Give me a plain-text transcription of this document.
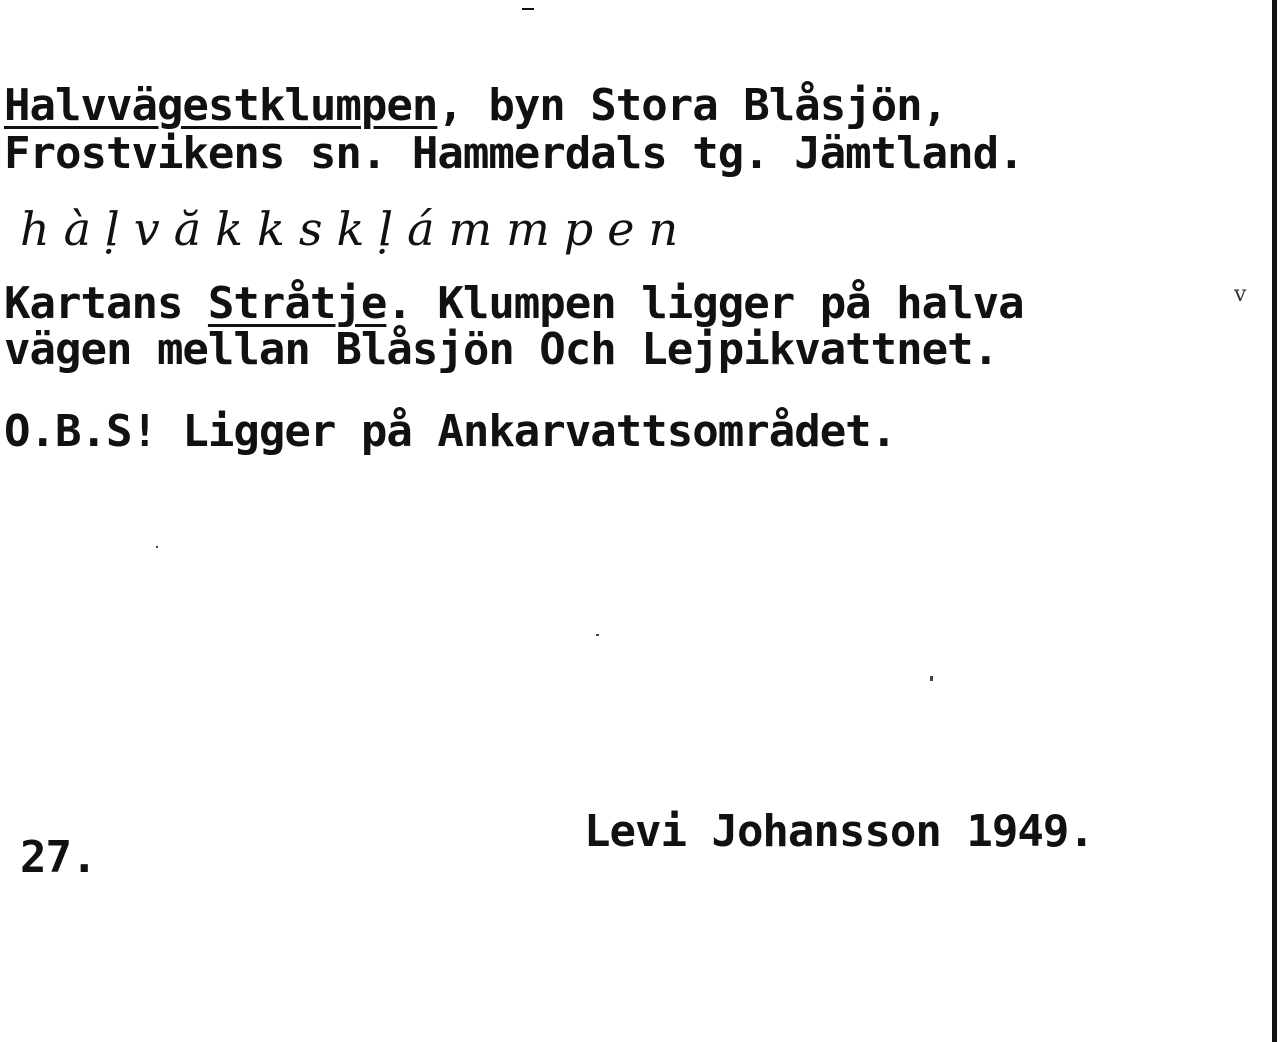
Halvvägestklumpen, byn Stora Blåsjön,
Frostvikens sn. Hammerdals tg. Jämtland.
hàḷvăkkskḷámmpen
Kartans Stråtje. Klumpen ligger på halva
vägen mellan Blåsjön Och Lejpikvattnet.
O.B.S! Ligger på Ankarvattsområdet.
27.
Levi Johansson 1949.
v
